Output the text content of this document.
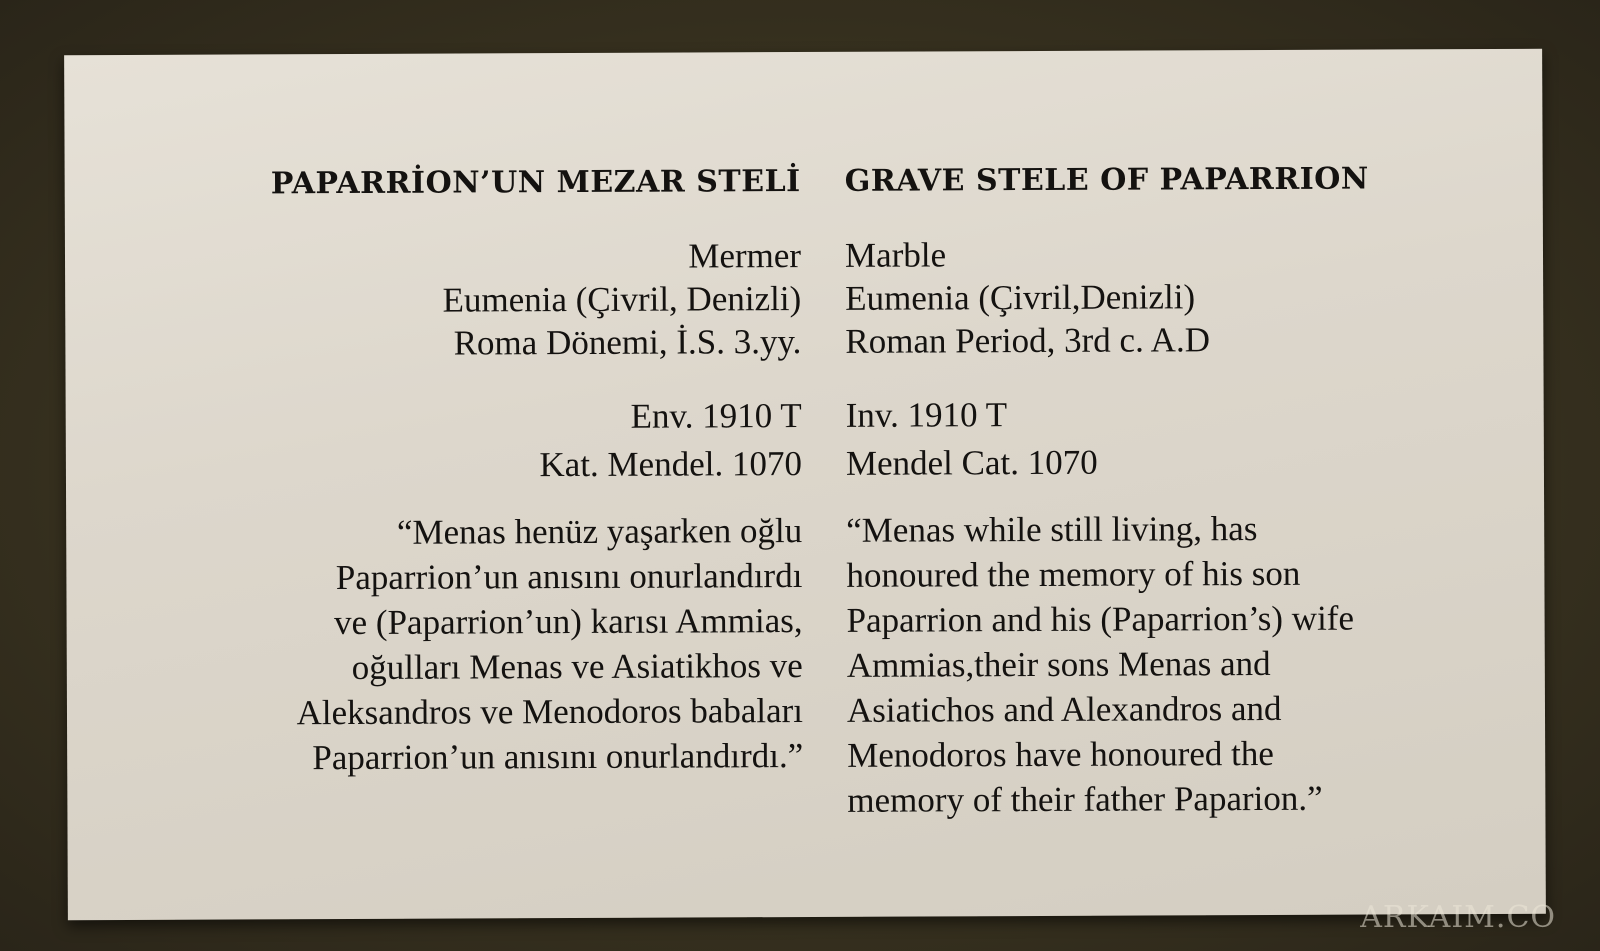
PAPARRİON’UN MEZAR STELİ
Mermer
Eumenia (Çivril, Denizli)
Roma Dönemi, İ.S. 3.yy.
Env. 1910 T
Kat. Mendel. 1070
“Menas henüz yaşarken oğlu
Paparrion’un anısını onurlandırdı
ve (Paparrion’un) karısı Ammias,
oğulları Menas ve Asiatikhos ve
Aleksandros ve Menodoros babaları
Paparrion’un anısını onurlandırdı.”
GRAVE STELE OF PAPARRION
Marble
Eumenia (Çivril,Denizli)
Roman Period, 3rd c. A.D
Inv. 1910 T
Mendel Cat. 1070
“Menas while still living, has
honoured the memory of his son
Paparrion and his (Paparrion’s) wife
Ammias,their sons Menas and
Asiatichos and Alexandros and
Menodoros have honoured the
memory of their father Paparion.”
ARKAIM.CO
